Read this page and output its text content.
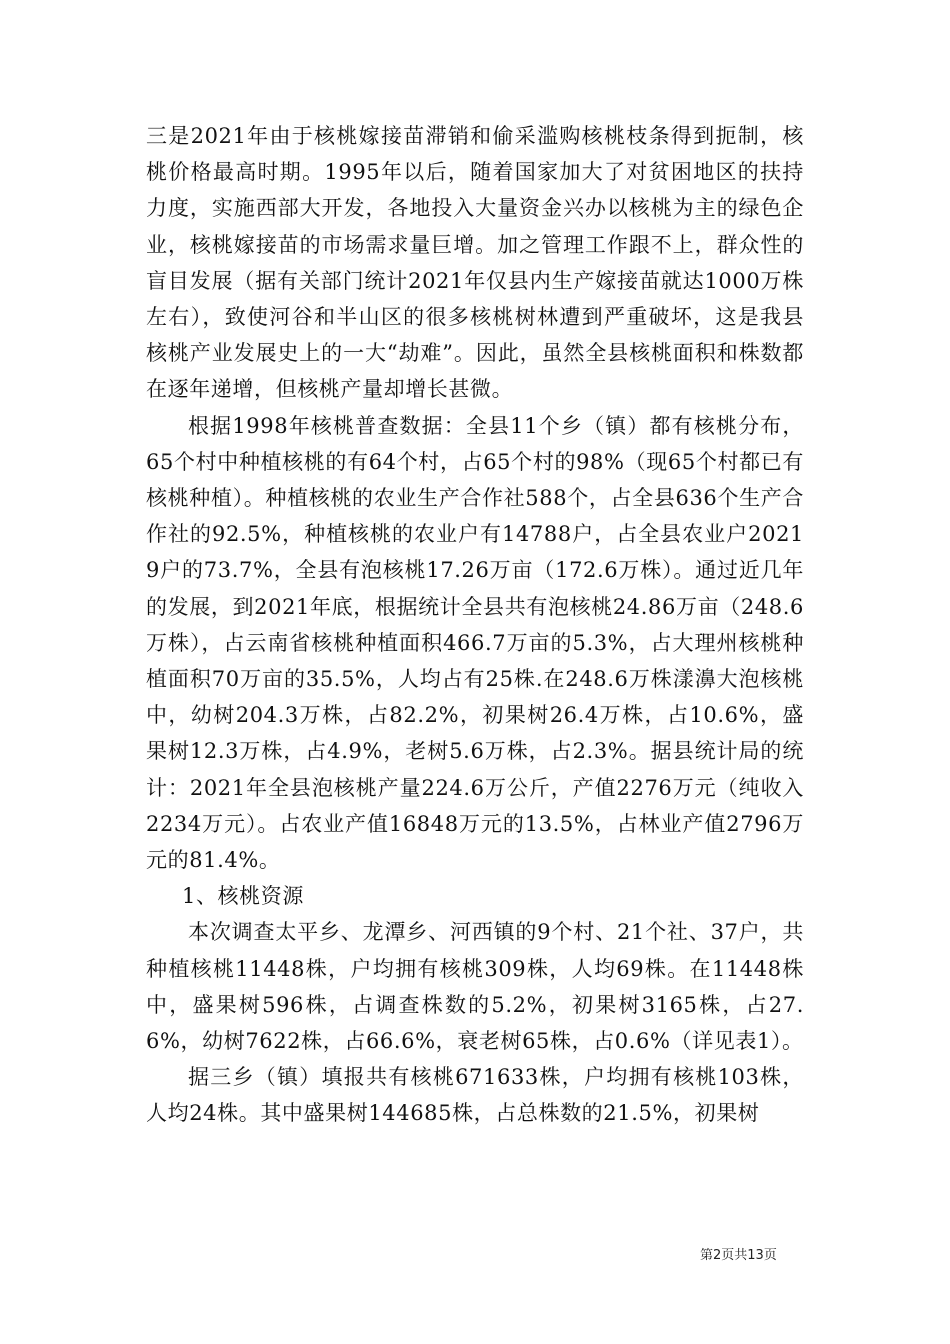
三是2021年由于核桃嫁接苗滞销和偷采滥购核桃枝条得到扼制，核桃价格最高时期。1995年以后，随着国家加大了对贫困地区的扶持力度，实施西部大开发，各地投入大量资金兴办以核桃为主的绿色企业，核桃嫁接苗的市场需求量巨增。加之管理工作跟不上，群众性的盲目发展（据有关部门统计2021年仅县内生产嫁接苗就达1000万株左右），致使河谷和半山区的很多核桃树林遭到严重破坏，这是我县核桃产业发展史上的一大“劫难”。因此，虽然全县核桃面积和株数都在逐年递增，但核桃产量却增长甚微。

根据1998年核桃普查数据：全县11个乡（镇）都有核桃分布，65个村中种植核桃的有64个村，占65个村的98%（现65个村都已有核桃种植）。种植核桃的农业生产合作社588个，占全县636个生产合作社的92.5%，种植核桃的农业户有14788户，占全县农业户20219户的73.7%，全县有泡核桃17.26万亩（172.6万株）。通过近几年的发展，到2021年底，根据统计全县共有泡核桃24.86万亩（248.6万株），占云南省核桃种植面积466.7万亩的5.3%，占大理州核桃种植面积70万亩的35.5%，人均占有25株.在248.6万株漾濞大泡核桃中，幼树204.3万株，占82.2%，初果树26.4万株，占10.6%，盛果树12.3万株，占4.9%，老树5.6万株，占2.3%。据县统计局的统计：2021年全县泡核桃产量224.6万公斤，产值2276万元（纯收入2234万元）。占农业产值16848万元的13.5%，占林业产值2796万元的81.4%。

1、核桃资源

本次调查太平乡、龙潭乡、河西镇的9个村、21个社、37户，共种植核桃11448株，户均拥有核桃309株，人均69株。在11448株中，盛果树596株，占调查株数的5.2%，初果树3165株，占27.6%，幼树7622株，占66.6%，衰老树65株，占0.6%（详见表1）。

据三乡（镇）填报共有核桃671633株，户均拥有核桃103株，人均24株。其中盛果树144685株，占总株数的21.5%，初果树

第2页共13页
